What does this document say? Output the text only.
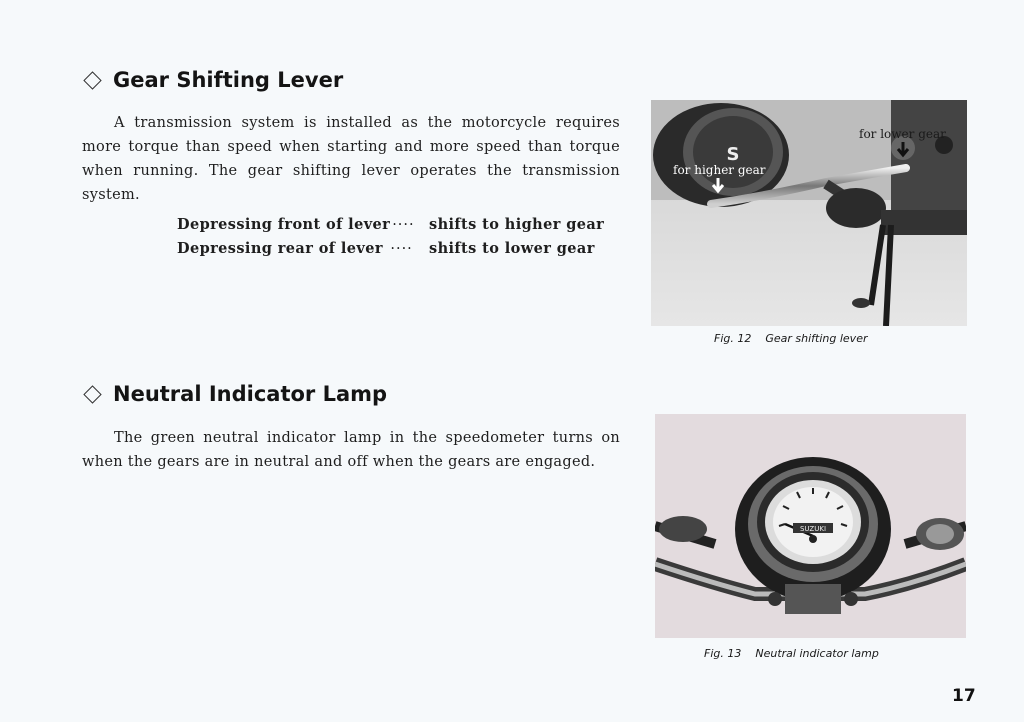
Gear Shifting Lever

A transmission system is installed as the motorcycle requires more torque than speed when starting and more speed than torque when running. The gear shifting lever operates the transmission system.

Depressing front of lever ···· shifts to higher gear
Depressing rear of lever ···· shifts to lower gear
Neutral Indicator Lamp

The green neutral indicator lamp in the speedometer turns on when the gears are in neutral and off when the gears are engaged.

S
for higher gear
for lower gear
Fig. 12 Gear shifting lever
SUZUKI
Fig. 13 Neutral indicator lamp
17
